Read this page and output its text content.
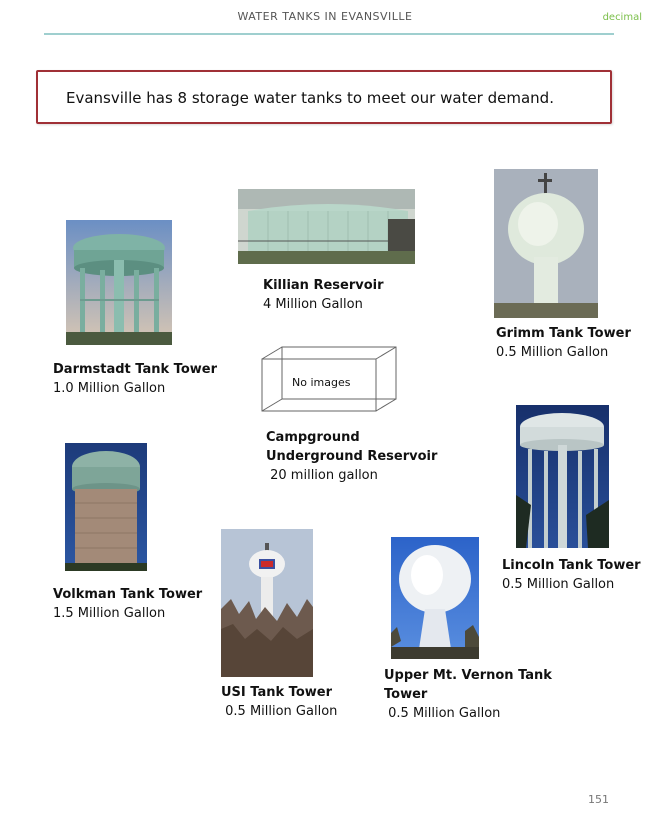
WATER TANKS IN EVANSVILLE	decimal
Evansville has 8 storage water tanks to meet our water demand.
No images
Darmstadt Tank Tower
1.0 Million Gallon
Killian Reservoir
4 Million Gallon
Grimm Tank Tower
0.5 Million Gallon
Campground
Underground Reservoir
20 million gallon
Volkman Tank Tower
1.5 Million Gallon
USI Tank Tower
0.5 Million Gallon
Upper Mt. Vernon Tank
Tower
0.5 Million Gallon
Lincoln Tank Tower
0.5 Million Gallon
151
